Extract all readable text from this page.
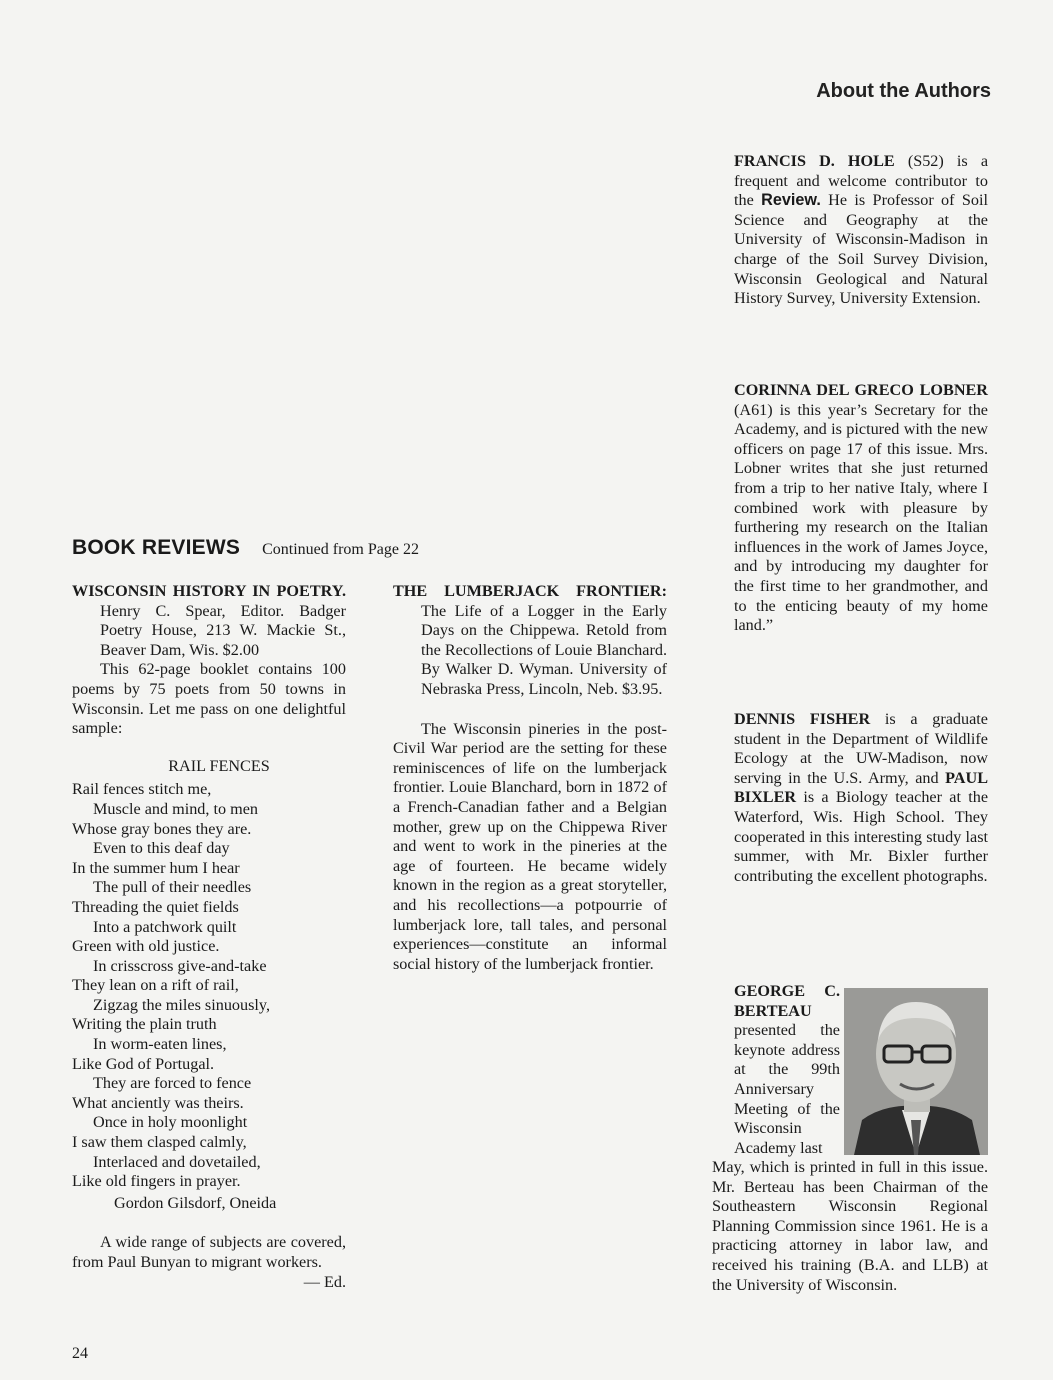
About the Authors

FRANCIS D. HOLE (S52) is a frequent and welcome contributor to the Review. He is Professor of Soil Science and Geography at the University of Wisconsin-Madison in charge of the Soil Survey Division, Wisconsin Geological and Natural History Survey, University Extension.

CORINNA DEL GRECO LOBNER (A61) is this year’s Secretary for the Academy, and is pictured with the new officers on page 17 of this issue. Mrs. Lobner writes that she just returned from a trip to her native Italy, where I combined work with pleasure by furthering my research on the Italian influences in the work of James Joyce, and by introducing my daughter for the first time to her grandmother, and to the enticing beauty of my home land.”

DENNIS FISHER is a graduate student in the Department of Wildlife Ecology at the UW-Madison, now serving in the U.S. Army, and PAUL BIXLER is a Biology teacher at the Waterford, Wis. High School. They cooperated in this interesting study last summer, with Mr. Bixler further contributing the excellent photographs.

GEORGE C. BERTEAU presented the keynote address at the 99th Anniversary Meeting of the Wisconsin Academy last

May, which is printed in full in this issue. Mr. Berteau has been Chairman of the Southeastern Wisconsin Regional Planning Commission since 1961. He is a practicing attorney in labor law, and received his training (B.A. and LLB) at the University of Wisconsin.

BOOK REVIEWS Continued from Page 22

WISCONSIN HISTORY IN POETRY. Henry C. Spear, Editor. Badger Poetry House, 213 W. Mackie St., Beaver Dam, Wis. $2.00

This 62-page booklet contains 100 poems by 75 poets from 50 towns in Wisconsin. Let me pass on one delightful sample:

RAIL FENCES
Rail fences stitch me,
Muscle and mind, to men
Whose gray bones they are.
Even to this deaf day
In the summer hum I hear
The pull of their needles
Threading the quiet fields
Into a patchwork quilt
Green with old justice.
In crisscross give-and-take
They lean on a rift of rail,
Zigzag the miles sinuously,
Writing the plain truth
In worm-eaten lines,
Like God of Portugal.
They are forced to fence
What anciently was theirs.
Once in holy moonlight
I saw them clasped calmly,
Interlaced and dovetailed,
Like old fingers in prayer.
Gordon Gilsdorf, Oneida

A wide range of subjects are covered, from Paul Bunyan to migrant workers.
— Ed.

THE LUMBERJACK FRONTIER: The Life of a Logger in the Early Days on the Chippewa. Retold from the Recollections of Louie Blanchard. By Walker D. Wyman. University of Nebraska Press, Lincoln, Neb. $3.95.

The Wisconsin pineries in the post-Civil War period are the setting for these reminiscences of life on the lumberjack frontier. Louie Blanchard, born in 1872 of a French-Canadian father and a Belgian mother, grew up on the Chippewa River and went to work in the pineries at the age of fourteen. He became widely known in the region as a great storyteller, and his recollections—a potpourrie of lumberjack lore, tall tales, and personal experiences—constitute an informal social history of the lumberjack frontier.

24
